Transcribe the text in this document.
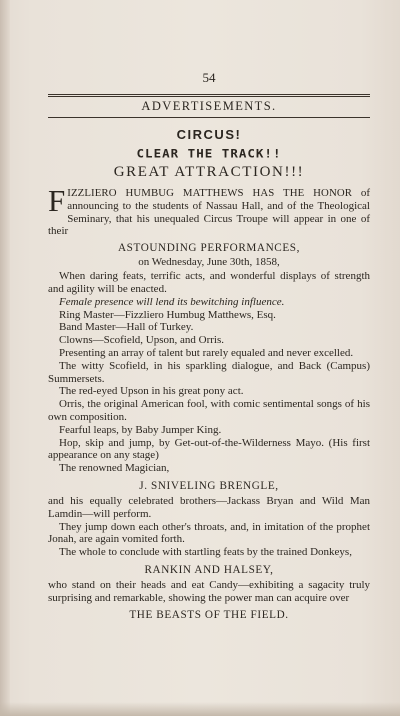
54
ADVERTISEMENTS.
CIRCUS!
CLEAR THE TRACK!!
GREAT ATTRACTION!!!
F IZZLIERO HUMBUG MATTHEWS HAS THE HONOR of announcing to the students of Nassau Hall, and of the Theological Seminary, that his unequaled Circus Troupe will appear in one of their
ASTOUNDING PERFORMANCES,
on Wednesday, June 30th, 1858,
When daring feats, terrific acts, and wonderful displays of strength and agility will be enacted.
Female presence will lend its bewitching influence.
Ring Master—Fizzliero Humbug Matthews, Esq.
Band Master—Hall of Turkey.
Clowns—Scofield, Upson, and Orris.
Presenting an array of talent but rarely equaled and never excelled.
The witty Scofield, in his sparkling dialogue, and Back (Campus) Summersets.
The red-eyed Upson in his great pony act.
Orris, the original American fool, with comic sentimental songs of his own composition.
Fearful leaps, by Baby Jumper King.
Hop, skip and jump, by Get-out-of-the-Wilderness Mayo. (His first appearance on any stage)
The renowned Magician,
J. SNIVELING BRENGLE,
and his equally celebrated brothers—Jackass Bryan and Wild Man Lamdin—will perform.
They jump down each other's throats, and, in imitation of the prophet Jonah, are again vomited forth.
The whole to conclude with startling feats by the trained Donkeys,
RANKIN AND HALSEY,
who stand on their heads and eat Candy—exhibiting a sagacity truly surprising and remarkable, showing the power man can acquire over
THE BEASTS OF THE FIELD.
